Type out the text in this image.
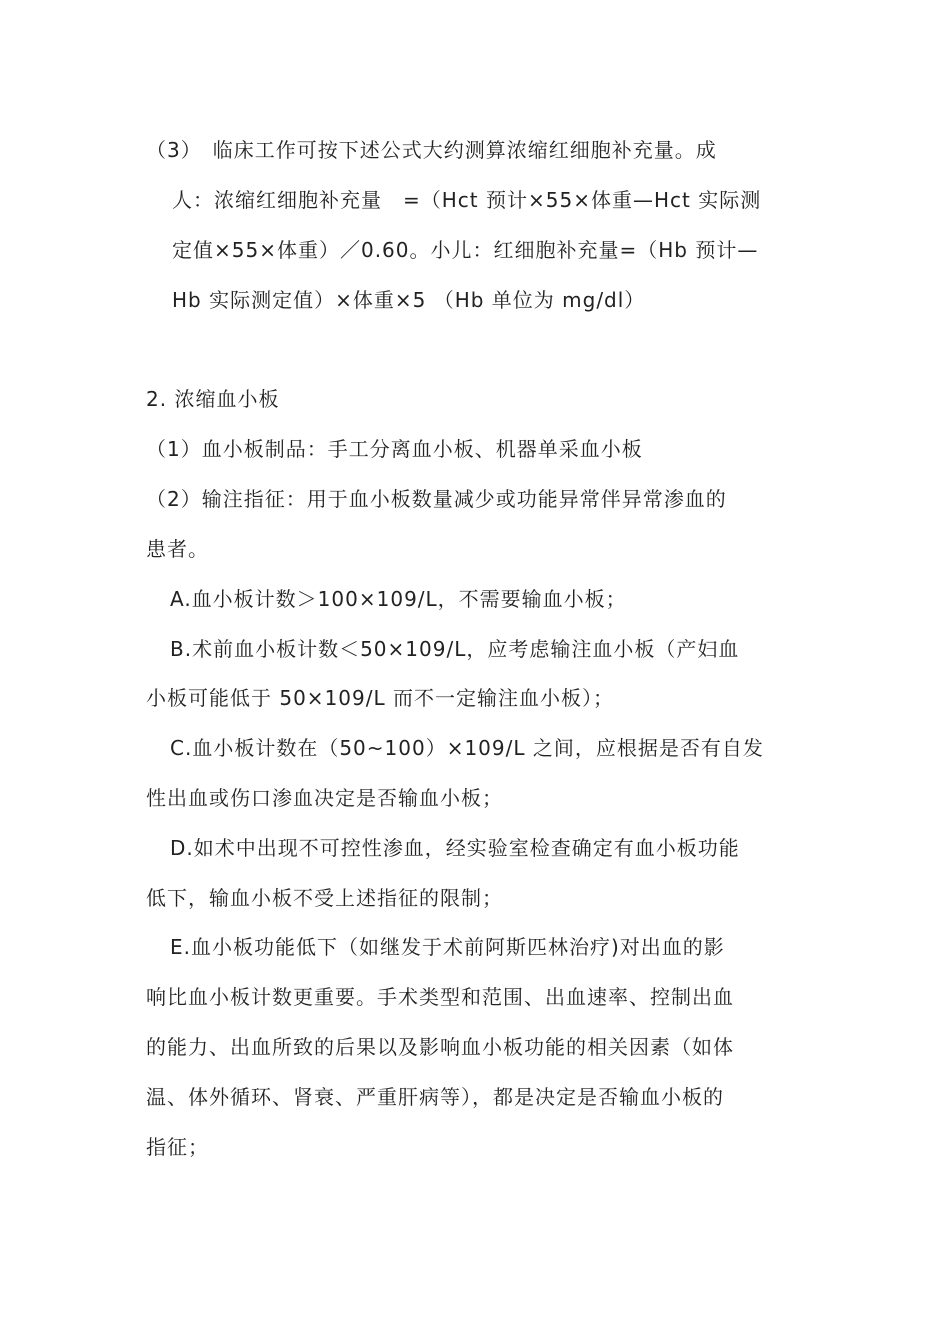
（3）　临床工作可按下述公式大约测算浓缩红细胞补充量。成
人：浓缩红细胞补充量　=（Hct 预计×55×体重—Hct 实际测
定值×55×体重）／0.60。小儿：红细胞补充量=（Hb 预计—
Hb 实际测定值）×体重×5 （Hb 单位为 mg/dl）
2. 浓缩血小板
（1）血小板制品：手工分离血小板、机器单采血小板
（2）输注指征：用于血小板数量减少或功能异常伴异常渗血的
患者。
A.血小板计数＞100×109/L，不需要输血小板；
B.术前血小板计数＜50×109/L，应考虑输注血小板（产妇血
小板可能低于 50×109/L 而不一定输注血小板）；
C.血小板计数在（50~100）×109/L 之间，应根据是否有自发
性出血或伤口渗血决定是否输血小板；
D.如术中出现不可控性渗血，经实验室检查确定有血小板功能
低下，输血小板不受上述指征的限制；
E.血小板功能低下（如继发于术前阿斯匹林治疗)对出血的影
响比血小板计数更重要。手术类型和范围、出血速率、控制出血
的能力、出血所致的后果以及影响血小板功能的相关因素（如体
温、体外循环、肾衰、严重肝病等），都是决定是否输血小板的
指征；
